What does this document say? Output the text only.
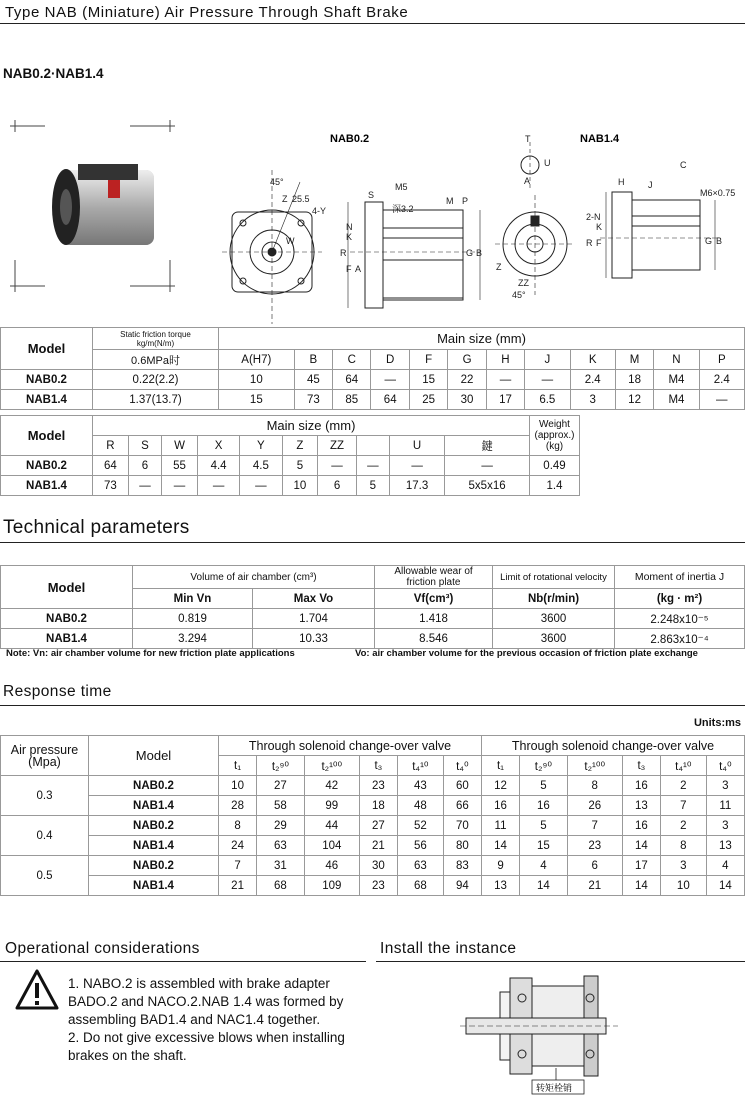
Type NAB (Miniature) Air Pressure Through Shaft Brake
NAB0.2·NAB1.4
NAB0.2	NAB1.4
45°
25.5
Z
4-Y
W
S
M5
深3.2
M P
N
K
R
F A
G B
T
U
A
C
H	J
M6×0.75
2-N
K
R F	G B
Z
ZZ
45°
Model	Static friction torque
kg/m(N/m)	Main size (mm)											
	0.6MPa时	A(H7)	B	C	D	F	G	H	J	K	M	N	P
NAB0.2	0.22(2.2)	10	45	64	—	15	22	—	—	2.4	18	M4	2.4
NAB1.4	1.37(13.7)	15	73	85	64	25	30	17	6.5	3	12	M4	—
Model	Main size (mm)										Weight
(approx.)
(kg)

	R	S	W	X	Y	Z	ZZ		U	鍵	
NAB0.2	64	6	55	4.4	4.5	5	—	—	—	—	0.49
NAB1.4	73	—	—	—	—	10	6	5	17.3	5x5x16	1.4
Technical parameters
Model	Volume of air chamber (cm³)		Allowable wear of
friction plate	Limit of rotational velocity	Moment of inertia J
	Min Vn	Max Vo	Vf(cm³)	Nb(r/min)	(kg · m²)
NAB0.2	0.819	1.704	1.418	3600	2.248x10⁻⁵
NAB1.4	3.294	10.33	8.546	3600	2.863x10⁻⁴
Note: Vn: air chamber volume for new friction plate applications	Vo: air chamber volume for the previous occasion of friction plate exchange
Response time
Units:ms
Air pressure
(Mpa)	Model	Through solenoid change-over valve						Through solenoid change-over valve					
		t₁	t₂⁹⁰	t₂¹⁰⁰	t₃	t₄¹⁰	t₄⁰	t₁	t₂⁹⁰	t₂¹⁰⁰	t₃	t₄¹⁰	t₄⁰
0.3	NAB0.2	10	27	42	23	43	60	12	5	8	16	2	3
	NAB1.4	28	58	99	18	48	66	16	16	26	13	7	11
0.4	NAB0.2	8	29	44	27	52	70	11	5	7	16	2	3
	NAB1.4	24	63	104	21	56	80	14	15	23	14	8	13
0.5	NAB0.2	7	31	46	30	63	83	9	4	6	17	3	4
	NAB1.4	21	68	109	23	68	94	13	14	21	14	10	14
Operational considerations	Install the instance
1. NABO.2 is assembled with brake adapter
BADO.2 and NACO.2.NAB 1.4 was formed by
assembling BAD1.4 and NAC1.4 together.
2. Do not give excessive blows when installing
brakes on the shaft.
转矩栓销
